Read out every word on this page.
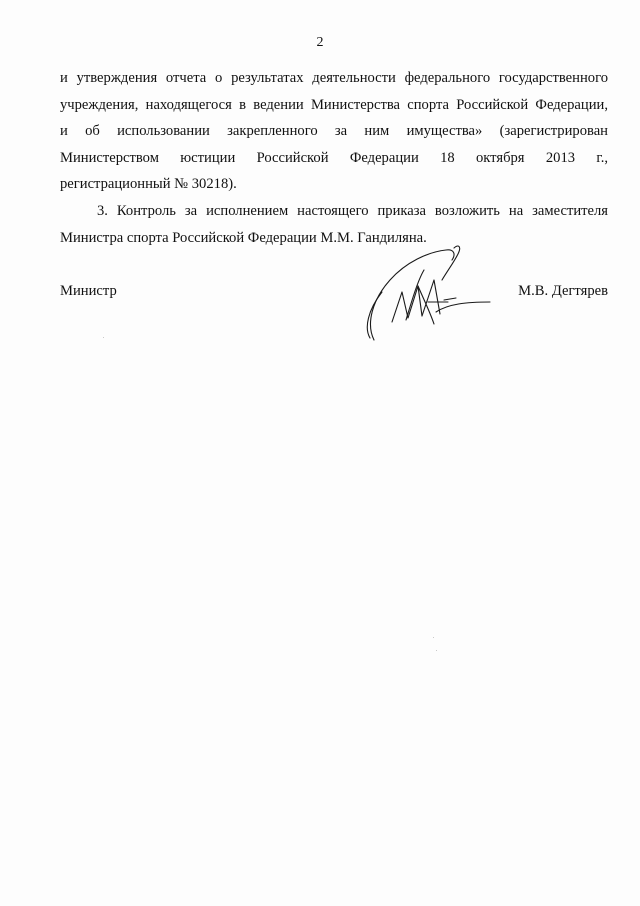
2

и утверждения отчета о результатах деятельности федерального государственного
учреждения, находящегося в ведении Министерства спорта Российской Федерации,
и об использовании закрепленного за ним имущества» (зарегистрирован
Министерством юстиции Российской Федерации 18 октября 2013 г.,
регистрационный № 30218).

3. Контроль за исполнением настоящего приказа возложить на заместителя
Министра спорта Российской Федерации М.М. Гандиляна.

Министр	М.В. Дегтярев
